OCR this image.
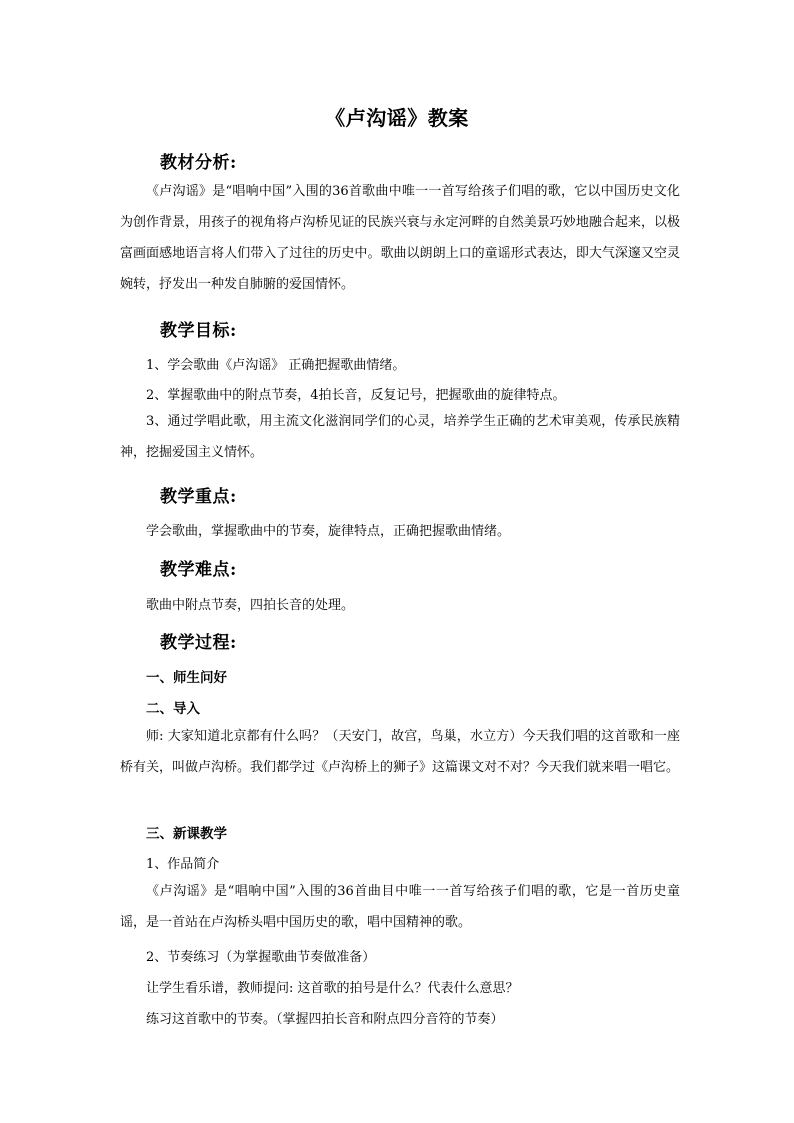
《卢沟谣》教案
教材分析:
《卢沟谣》是“唱响中国”入围的36首歌曲中唯一一首写给孩子们唱的歌，它以中国历史文化为创作背景，用孩子的视角将卢沟桥见证的民族兴衰与永定河畔的自然美景巧妙地融合起来，以极富画面感地语言将人们带入了过往的历史中。歌曲以朗朗上口的童谣形式表达，即大气深邃又空灵婉转，抒发出一种发自肺腑的爱国情怀。
教学目标:
1、学会歌曲《卢沟谣》 正确把握歌曲情绪。
2、掌握歌曲中的附点节奏，4拍长音，反复记号，把握歌曲的旋律特点。
3、通过学唱此歌，用主流文化滋润同学们的心灵，培养学生正确的艺术审美观，传承民族精神，挖掘爱国主义情怀。
教学重点:
学会歌曲，掌握歌曲中的节奏，旋律特点，正确把握歌曲情绪。
教学难点:
歌曲中附点节奏，四拍长音的处理。
教学过程:
一、师生问好
二、导入
师: 大家知道北京都有什么吗？（天安门，故宫，鸟巢，水立方）今天我们唱的这首歌和一座桥有关，叫做卢沟桥。我们都学过《卢沟桥上的狮子》这篇课文对不对？今天我们就来唱一唱它。
三、新课教学
1、作品简介
《卢沟谣》是“唱响中国”入围的36首曲目中唯一一首写给孩子们唱的歌，它是一首历史童谣，是一首站在卢沟桥头唱中国历史的歌，唱中国精神的歌。
2、节奏练习（为掌握歌曲节奏做准备）
让学生看乐谱，教师提问: 这首歌的拍号是什么？代表什么意思？
练习这首歌中的节奏。（掌握四拍长音和附点四分音符的节奏）
